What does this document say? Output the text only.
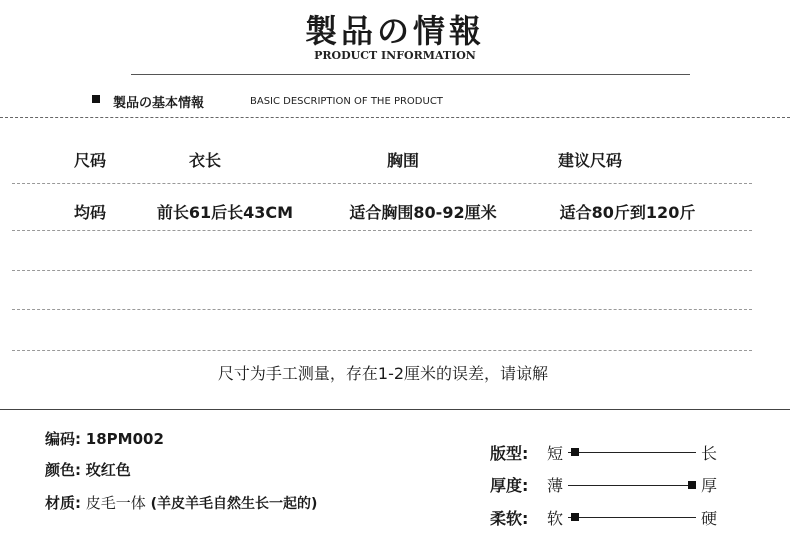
製品の情報
PRODUCT INFORMATION
製品の基本情報	BASIC DESCRIPTION OF THE PRODUCT
尺码	衣长	胸围	建议尺码
均码	前长61后长43CM	适合胸围80-92厘米	适合80斤到120斤
尺寸为手工测量，存在1-2厘米的误差，请谅解
编码: 18PM002
颜色: 玫红色
材质: 皮毛一体 (羊皮羊毛自然生长一起的)
版型: 短	长
厚度: 薄	厚
柔软: 软	硬
